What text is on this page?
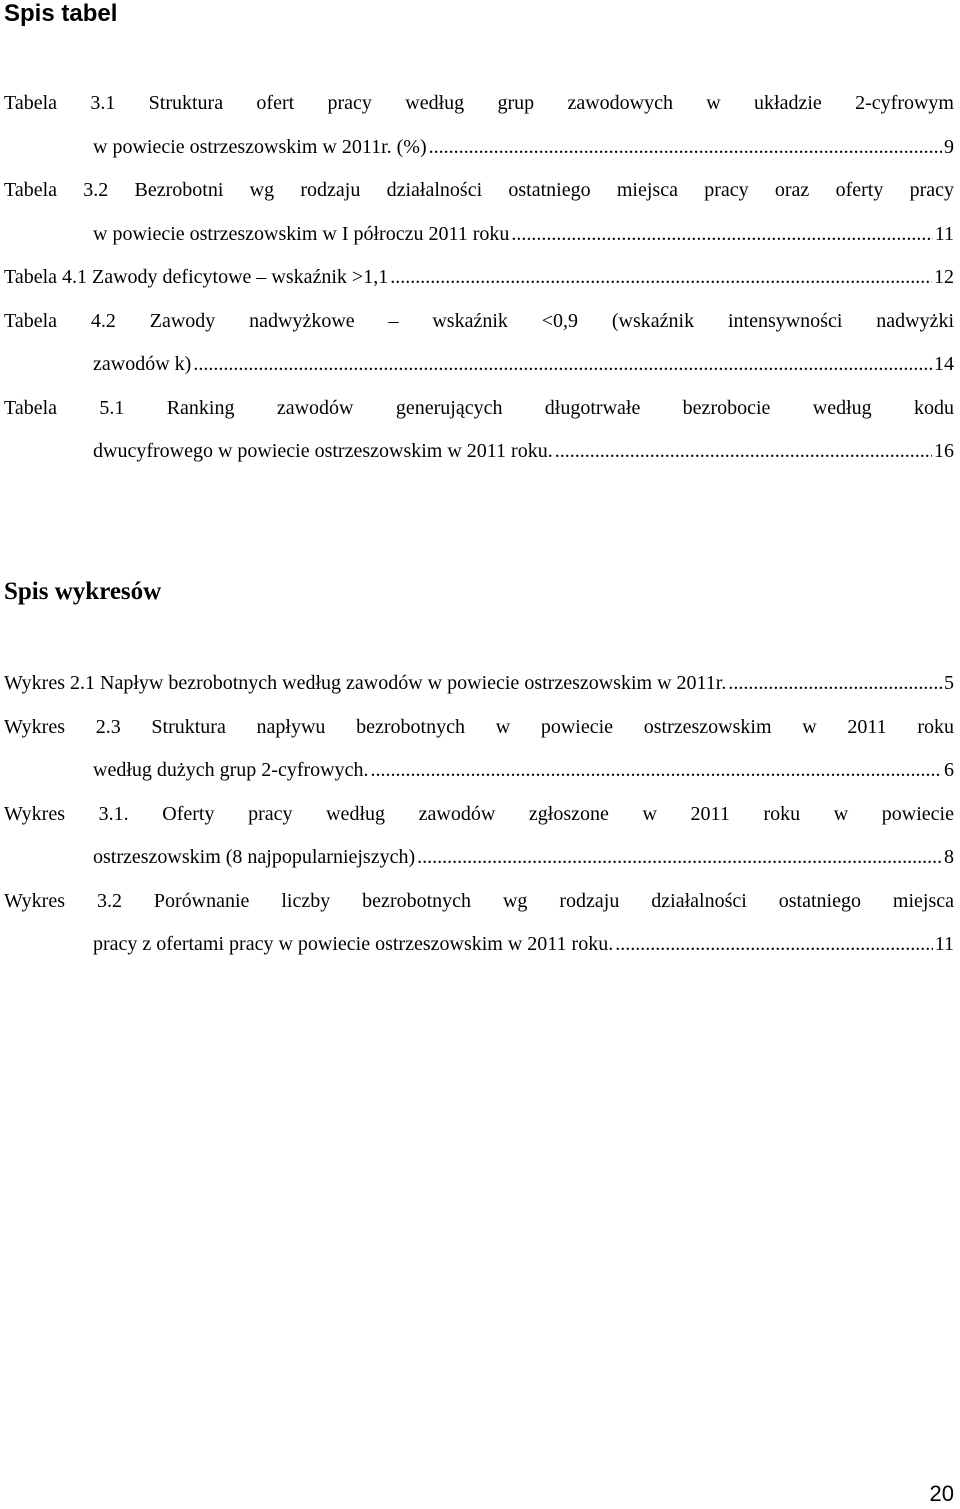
Spis tabel
Tabela 3.1 Struktura ofert pracy według grup zawodowych w układzie 2-cyfrowym
w powiecie ostrzeszowskim w 2011r. (%) .....	9
Tabela 3.2 Bezrobotni wg rodzaju działalności ostatniego miejsca pracy oraz oferty pracy
w powiecie ostrzeszowskim w I półroczu 2011 roku .....	11
Tabela 4.1 Zawody deficytowe – wskaźnik >1,1 .....	12
Tabela 4.2 Zawody nadwyżkowe – wskaźnik <0,9 (wskaźnik intensywności nadwyżki
zawodów k) .....	14
Tabela 5.1 Ranking zawodów generujących długotrwałe bezrobocie według kodu
dwucyfrowego w powiecie ostrzeszowskim w 2011 roku. .....	16
Spis wykresów
Wykres 2.1 Napływ bezrobotnych według zawodów w powiecie ostrzeszowskim w 2011r. .....	5
Wykres 2.3 Struktura napływu bezrobotnych w powiecie ostrzeszowskim w 2011 roku
według dużych grup 2-cyfrowych. .....	6
Wykres 3.1. Oferty pracy według zawodów zgłoszone w 2011 roku w powiecie
ostrzeszowskim (8 najpopularniejszych) .....	8
Wykres 3.2 Porównanie liczby bezrobotnych wg rodzaju działalności ostatniego miejsca
pracy z ofertami pracy w powiecie ostrzeszowskim w 2011 roku. .....	11
20
